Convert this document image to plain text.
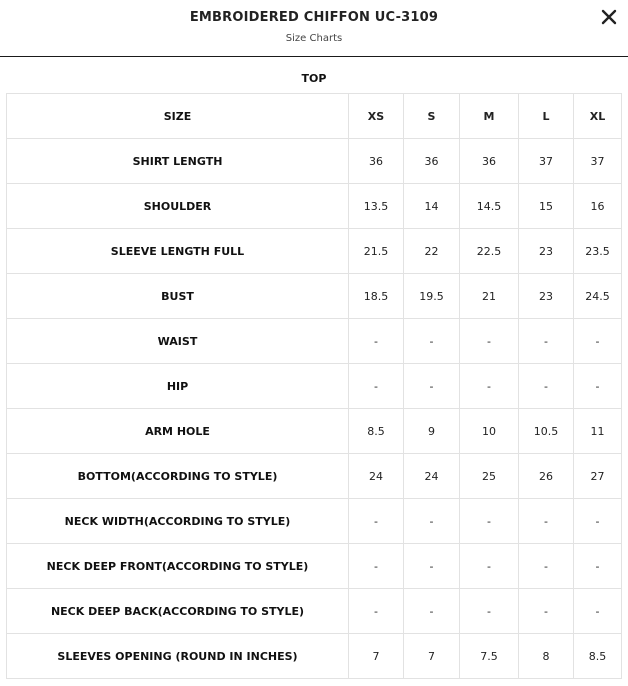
EMBROIDERED CHIFFON UC-3109
Size Charts
TOP
SIZE	XS	S	M	L	XL
SHIRT LENGTH	36	36	36	37	37
SHOULDER	13.5	14	14.5	15	16
SLEEVE LENGTH FULL	21.5	22	22.5	23	23.5
BUST	18.5	19.5	21	23	24.5
WAIST	-	-	-	-	-
HIP	-	-	-	-	-
ARM HOLE	8.5	9	10	10.5	11
BOTTOM(ACCORDING TO STYLE)	24	24	25	26	27
NECK WIDTH(ACCORDING TO STYLE)	-	-	-	-	-
NECK DEEP FRONT(ACCORDING TO STYLE)	-	-	-	-	-
NECK DEEP BACK(ACCORDING TO STYLE)	-	-	-	-	-
SLEEVES OPENING (ROUND IN INCHES)	7	7	7.5	8	8.5
